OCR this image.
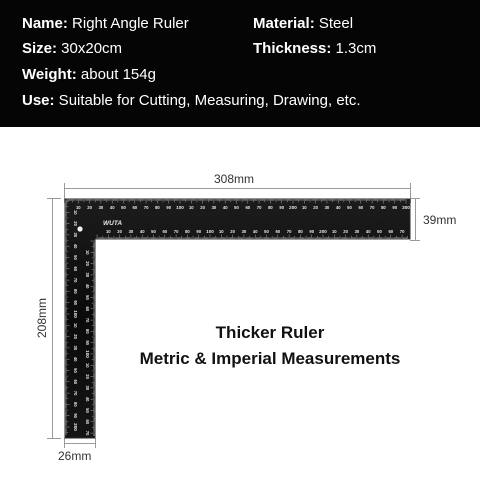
Name: Right Angle Ruler	Material: Steel
Size: 30x20cm	Thickness: 1.3cm
Weight: about 154g
Use: Suitable for Cutting, Measuring, Drawing, etc.
308mm
39mm
208mm
26mm
10 20 30 40 50 60 70 80 90 100 10 20 30 40 50 60 70 80 90 200 10 20 30 40 50 60 70 80 90 300
10 20 30 40 50 60 70 80 90 100 10 20 30 40 50 60 70 80 90 200 10 20 30 40 50 60 70
10
20
30
40
50
60
70
80
90
100
10
20
30
40
50
60
70
80
90
200
10
20
30
40
50
60
70
80
90
100
10
20
30
40
50
60
70
WUTA
Thicker Ruler
Metric & Imperial Measurements
